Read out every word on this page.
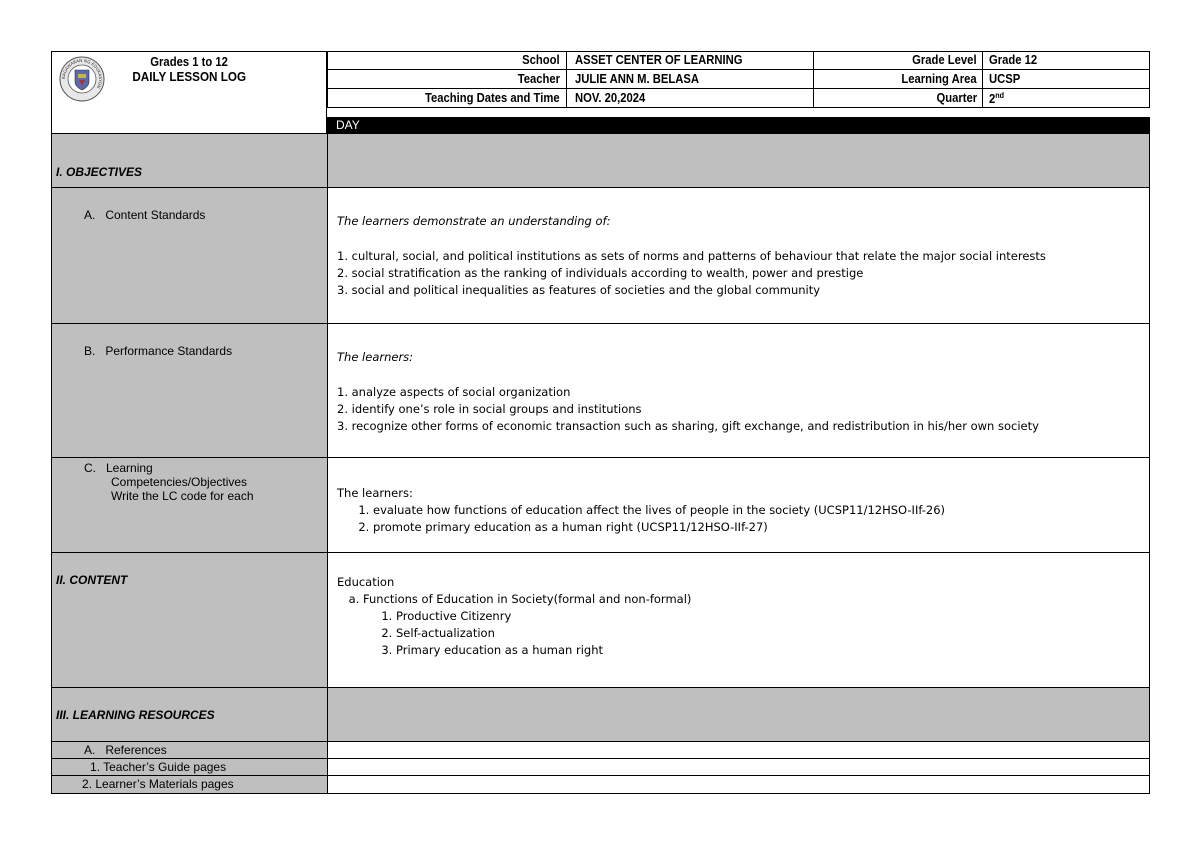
KAGAWARAN NG EDUKASYON
Grades 1 to 12
DAILY LESSON LOG
School ASSET CENTER OF LEARNING	Grade Level Grade 12
Teacher JULIE ANN M. BELASA	Learning Area UCSP
Teaching Dates and Time NOV. 20,2024	Quarter 2nd
DAY
I. OBJECTIVES
A.   Content Standards	The learners demonstrate an understanding of:
1. cultural, social, and political institutions as sets of norms and patterns of behaviour that relate the major social interests
2. social stratification as the ranking of individuals according to wealth, power and prestige
3. social and political inequalities as features of societies and the global community
B.   Performance Standards	The learners:
1. analyze aspects of social organization
2. identify one’s role in social groups and institutions
3. recognize other forms of economic transaction such as sharing, gift exchange, and redistribution in his/her own society
C.   Learning
Competencies/Objectives
Write the LC code for each	The learners:
1. evaluate how functions of education affect the lives of people in the society (UCSP11/12HSO-IIf-26)
2. promote primary education as a human right (UCSP11/12HSO-IIf-27)
II. CONTENT	Education
a. Functions of Education in Society(formal and non-formal)
1. Productive Citizenry
2. Self-actualization
3. Primary education as a human right
III. LEARNING RESOURCES
A.   References
1. Teacher’s Guide pages
2. Learner’s Materials pages
